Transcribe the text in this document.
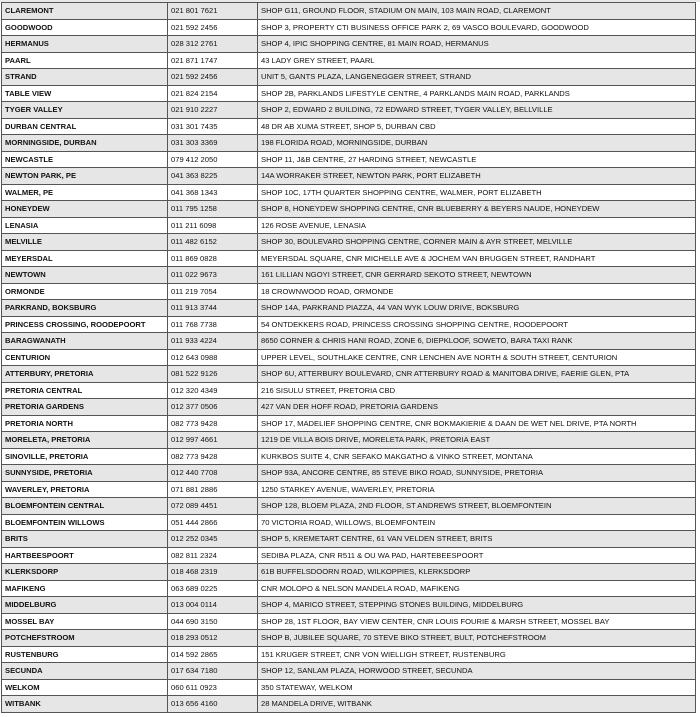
CLAREMONT	021 801 7621	SHOP G11, GROUND FLOOR, STADIUM ON MAIN, 103 MAIN ROAD, CLAREMONT
GOODWOOD	021 592 2456	SHOP 3, PROPERTY CTI BUSINESS OFFICE PARK 2, 69 VASCO BOULEVARD, GOODWOOD
HERMANUS	028 312 2761	SHOP 4, IPIC SHOPPING CENTRE, 81 MAIN ROAD, HERMANUS
PAARL	021 871 1747	43 LADY GREY STREET, PAARL
STRAND	021 592 2456	UNIT 5, GANTS PLAZA, LANGENEGGER STREET, STRAND
TABLE VIEW	021 824 2154	SHOP 2B, PARKLANDS LIFESTYLE CENTRE, 4 PARKLANDS MAIN ROAD, PARKLANDS
TYGER VALLEY	021 910 2227	SHOP 2, EDWARD 2 BUILDING, 72 EDWARD STREET, TYGER VALLEY, BELLVILLE
DURBAN CENTRAL	031 301 7435	48 DR AB XUMA STREET, SHOP 5, DURBAN CBD
MORNINGSIDE, DURBAN	031 303 3369	198 FLORIDA ROAD, MORNINGSIDE, DURBAN
NEWCASTLE	079 412 2050	SHOP 11, J&B CENTRE, 27 HARDING STREET, NEWCASTLE
NEWTON PARK, PE	041 363 8225	14A WORRAKER STREET, NEWTON PARK, PORT ELIZABETH
WALMER, PE	041 368 1343	SHOP 10C, 17TH QUARTER SHOPPING CENTRE, WALMER, PORT ELIZABETH
HONEYDEW	011 795 1258	SHOP 8, HONEYDEW SHOPPING CENTRE, CNR BLUEBERRY & BEYERS NAUDE, HONEYDEW
LENASIA	011 211 6098	126 ROSE AVENUE, LENASIA
MELVILLE	011 482 6152	SHOP 30, BOULEVARD SHOPPING CENTRE, CORNER MAIN & AYR STREET, MELVILLE
MEYERSDAL	011 869 0828	MEYERSDAL SQUARE, CNR MICHELLE AVE & JOCHEM VAN BRUGGEN STREET, RANDHART
NEWTOWN	011 022 9673	161 LILLIAN NGOYI STREET, CNR GERRARD SEKOTO STREET, NEWTOWN
ORMONDE	011 219 7054	18 CROWNWOOD ROAD, ORMONDE
PARKRAND, BOKSBURG	011 913 3744	SHOP 14A, PARKRAND PIAZZA, 44 VAN WYK LOUW DRIVE, BOKSBURG
PRINCESS CROSSING, ROODEPOORT	011 768 7738	54 ONTDEKKERS ROAD, PRINCESS CROSSING SHOPPING CENTRE, ROODEPOORT
BARAGWANATH	011 933 4224	8650 CORNER & CHRIS HANI ROAD, ZONE 6, DIEPKLOOF, SOWETO, BARA TAXI RANK
CENTURION	012 643 0988	UPPER LEVEL, SOUTHLAKE CENTRE, CNR LENCHEN AVE NORTH & SOUTH STREET, CENTURION
ATTERBURY, PRETORIA	081 522 9126	SHOP 6U, ATTERBURY BOULEVARD, CNR ATTERBURY ROAD & MANITOBA DRIVE, FAERIE GLEN, PTA
PRETORIA CENTRAL	012 320 4349	216 SISULU STREET, PRETORIA CBD
PRETORIA GARDENS	012 377 0506	427 VAN DER HOFF ROAD, PRETORIA GARDENS
PRETORIA NORTH	082 773 9428	SHOP 17, MADELIEF SHOPPING CENTRE, CNR BOKMAKIERIE & DAAN DE WET NEL DRIVE, PTA NORTH
MORELETA, PRETORIA	012 997 4661	1219 DE VILLA BOIS DRIVE, MORELETA PARK, PRETORIA EAST
SINOVILLE, PRETORIA	082 773 9428	KURKBOS SUITE 4, CNR SEFAKO MAKGATHO & VINKO STREET, MONTANA
SUNNYSIDE, PRETORIA	012 440 7708	SHOP 93A, ANCORE CENTRE, 85 STEVE BIKO ROAD, SUNNYSIDE, PRETORIA
WAVERLEY, PRETORIA	071 881 2886	1250 STARKEY AVENUE, WAVERLEY, PRETORIA
BLOEMFONTEIN CENTRAL	072 089 4451	SHOP 128, BLOEM PLAZA, 2ND FLOOR, ST ANDREWS STREET, BLOEMFONTEIN
BLOEMFONTEIN WILLOWS	051 444 2866	70 VICTORIA ROAD, WILLOWS, BLOEMFONTEIN
BRITS	012 252 0345	SHOP 5, KREMETART CENTRE, 61 VAN VELDEN STREET, BRITS
HARTBEESPOORT	082 811 2324	SEDIBA PLAZA, CNR R511 & OU WA PAD, HARTEBEESPOORT
KLERKSDORP	018 468 2319	61B BUFFELSDOORN ROAD, WILKOPPIES, KLERKSDORP
MAFIKENG	063 689 0225	CNR MOLOPO & NELSON MANDELA ROAD, MAFIKENG
MIDDELBURG	013 004 0114	SHOP 4, MARICO STREET, STEPPING STONES BUILDING, MIDDELBURG
MOSSEL BAY	044 690 3150	SHOP 28, 1ST FLOOR, BAY VIEW CENTER, CNR LOUIS FOURIE & MARSH STREET, MOSSEL BAY
POTCHEFSTROOM	018 293 0512	SHOP B, JUBILEE SQUARE, 70 STEVE BIKO STREET, BULT, POTCHEFSTROOM
RUSTENBURG	014 592 2865	151 KRUGER STREET, CNR VON WIELLIGH STREET, RUSTENBURG
SECUNDA	017 634 7180	SHOP 12, SANLAM PLAZA, HORWOOD STREET, SECUNDA
WELKOM	060 611 0923	350 STATEWAY, WELKOM
WITBANK	013 656 4160	28 MANDELA DRIVE, WITBANK
